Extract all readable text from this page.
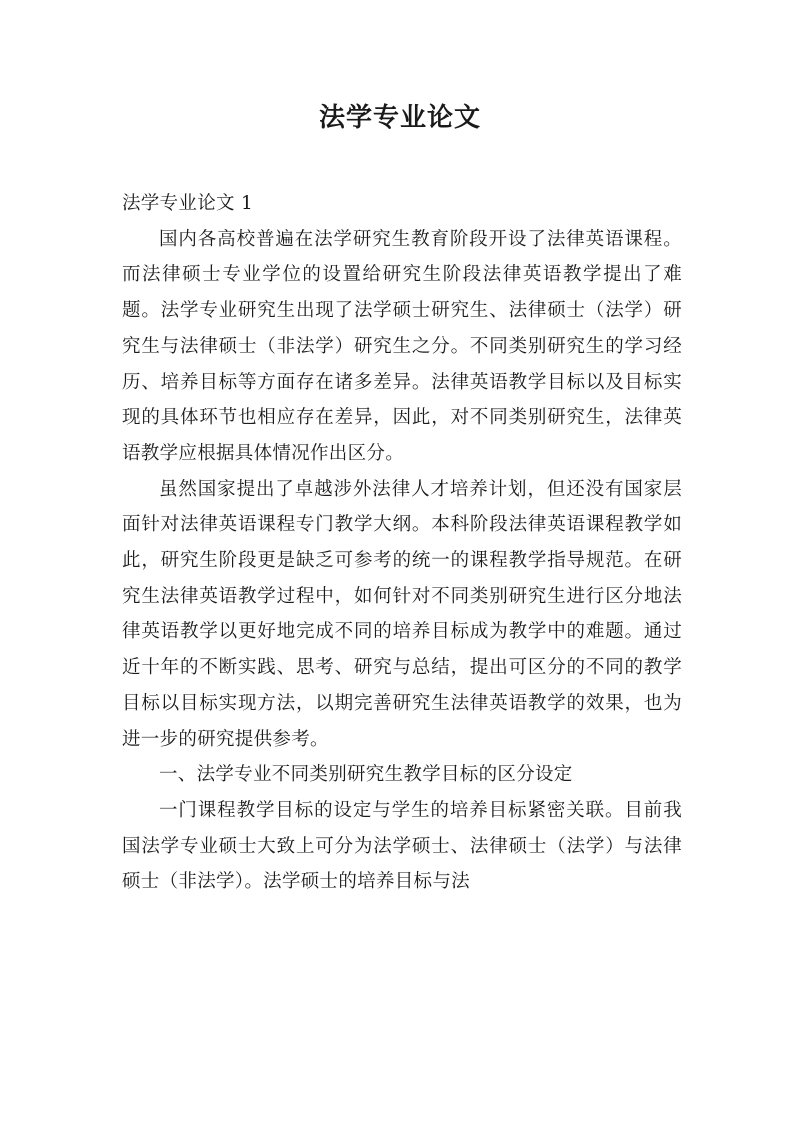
法学专业论文

法学专业论文 1

国内各高校普遍在法学研究生教育阶段开设了法律英语课程。而法律硕士专业学位的设置给研究生阶段法律英语教学提出了难题。法学专业研究生出现了法学硕士研究生、法律硕士（法学）研究生与法律硕士（非法学）研究生之分。不同类别研究生的学习经历、培养目标等方面存在诸多差异。法律英语教学目标以及目标实现的具体环节也相应存在差异，因此，对不同类别研究生，法律英语教学应根据具体情况作出区分。

虽然国家提出了卓越涉外法律人才培养计划，但还没有国家层面针对法律英语课程专门教学大纲。本科阶段法律英语课程教学如此，研究生阶段更是缺乏可参考的统一的课程教学指导规范。在研究生法律英语教学过程中，如何针对不同类别研究生进行区分地法律英语教学以更好地完成不同的培养目标成为教学中的难题。通过近十年的不断实践、思考、研究与总结，提出可区分的不同的教学目标以目标实现方法，以期完善研究生法律英语教学的效果，也为进一步的研究提供参考。

一、法学专业不同类别研究生教学目标的区分设定

一门课程教学目标的设定与学生的培养目标紧密关联。目前我国法学专业硕士大致上可分为法学硕士、法律硕士（法学）与法律硕士（非法学）。法学硕士的培养目标与法
